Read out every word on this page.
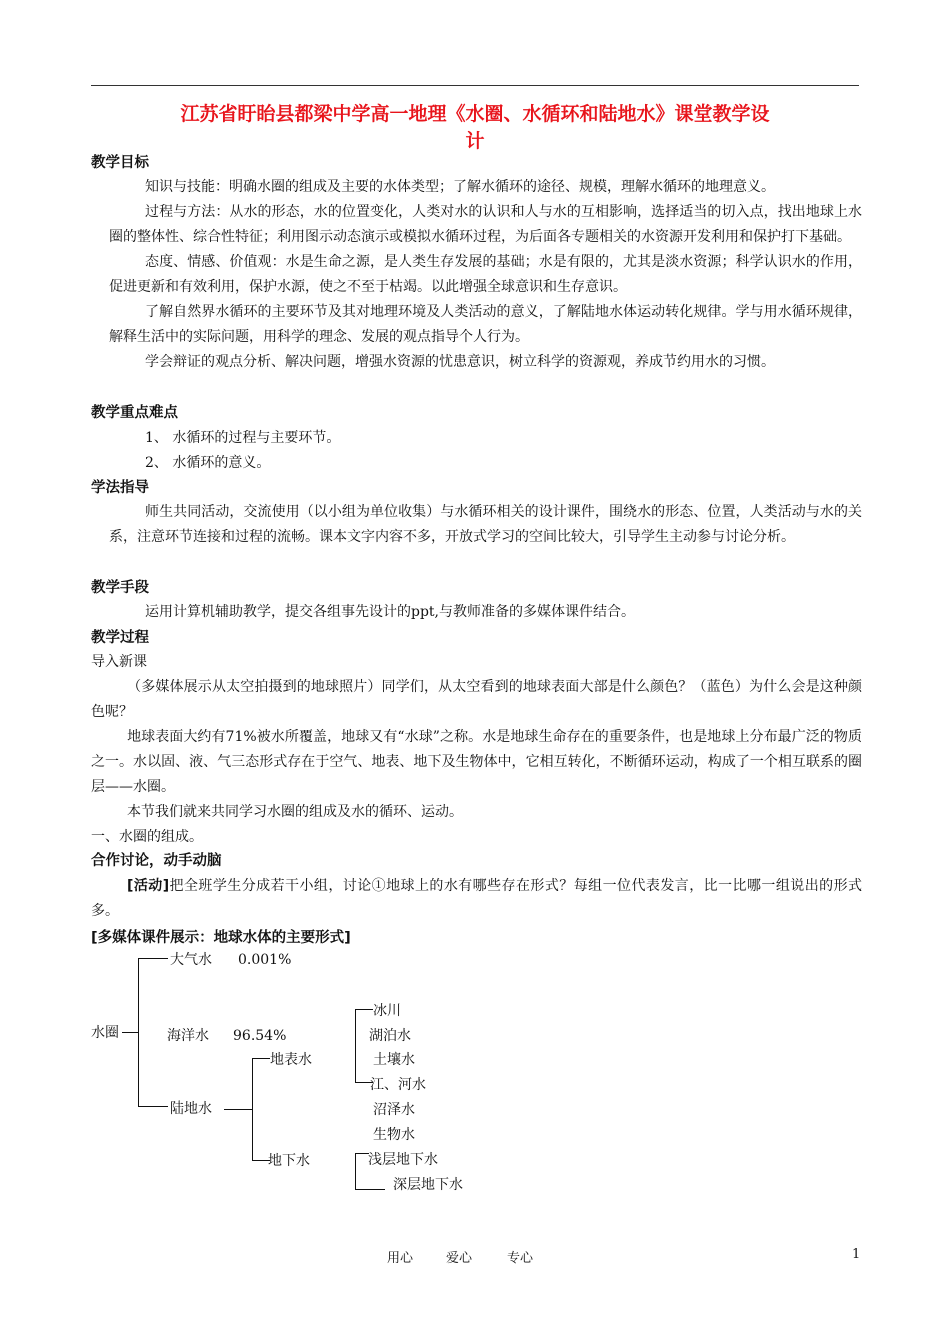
江苏省盱眙县都梁中学高一地理《水圈、水循环和陆地水》课堂教学设
计
教学目标
知识与技能：明确水圈的组成及主要的水体类型；了解水循环的途径、规模，理解水循环的地理意义。
过程与方法：从水的形态，水的位置变化，人类对水的认识和人与水的互相影响，选择适当的切入点，找出地球上水圈的整体性、综合性特征；利用图示动态演示或模拟水循环过程，为后面各专题相关的水资源开发利用和保护打下基础。
态度、情感、价值观：水是生命之源，是人类生存发展的基础；水是有限的，尤其是淡水资源；科学认识水的作用，促进更新和有效利用，保护水源，使之不至于枯竭。以此增强全球意识和生存意识。
了解自然界水循环的主要环节及其对地理环境及人类活动的意义，了解陆地水体运动转化规律。学与用水循环规律，解释生活中的实际问题，用科学的理念、发展的观点指导个人行为。
学会辩证的观点分析、解决问题，增强水资源的忧患意识，树立科学的资源观，养成节约用水的习惯。
教学重点难点
1、 水循环的过程与主要环节。
2、 水循环的意义。
学法指导
师生共同活动，交流使用（以小组为单位收集）与水循环相关的设计课件，围绕水的形态、位置，人类活动与水的关系，注意环节连接和过程的流畅。课本文字内容不多，开放式学习的空间比较大，引导学生主动参与讨论分析。
教学手段
运用计算机辅助教学，提交各组事先设计的ppt,与教师准备的多媒体课件结合。
教学过程
导入新课
（多媒体展示从太空拍摄到的地球照片）同学们，从太空看到的地球表面大部是什么颜色？（蓝色）为什么会是这种颜色呢？
地球表面大约有71%被水所覆盖，地球又有“水球”之称。水是地球生命存在的重要条件，也是地球上分布最广泛的物质之一。水以固、液、气三态形式存在于空气、地表、地下及生物体中，它相互转化，不断循环运动，构成了一个相互联系的圈层——水圈。
本节我们就来共同学习水圈的组成及水的循环、运动。
一、水圈的组成。
合作讨论，动手动脑
[活动]把全班学生分成若干小组，讨论①地球上的水有哪些存在形式？每组一位代表发言，比一比哪一组说出的形式多。
[多媒体课件展示：地球水体的主要形式]
水圈
大气水 0.001%
海洋水 96.54%
陆地水
地表水
地下水
冰川
湖泊水
土壤水
江、河水
沼泽水
生物水
浅层地下水
深层地下水
用心	爱心	专心	1
